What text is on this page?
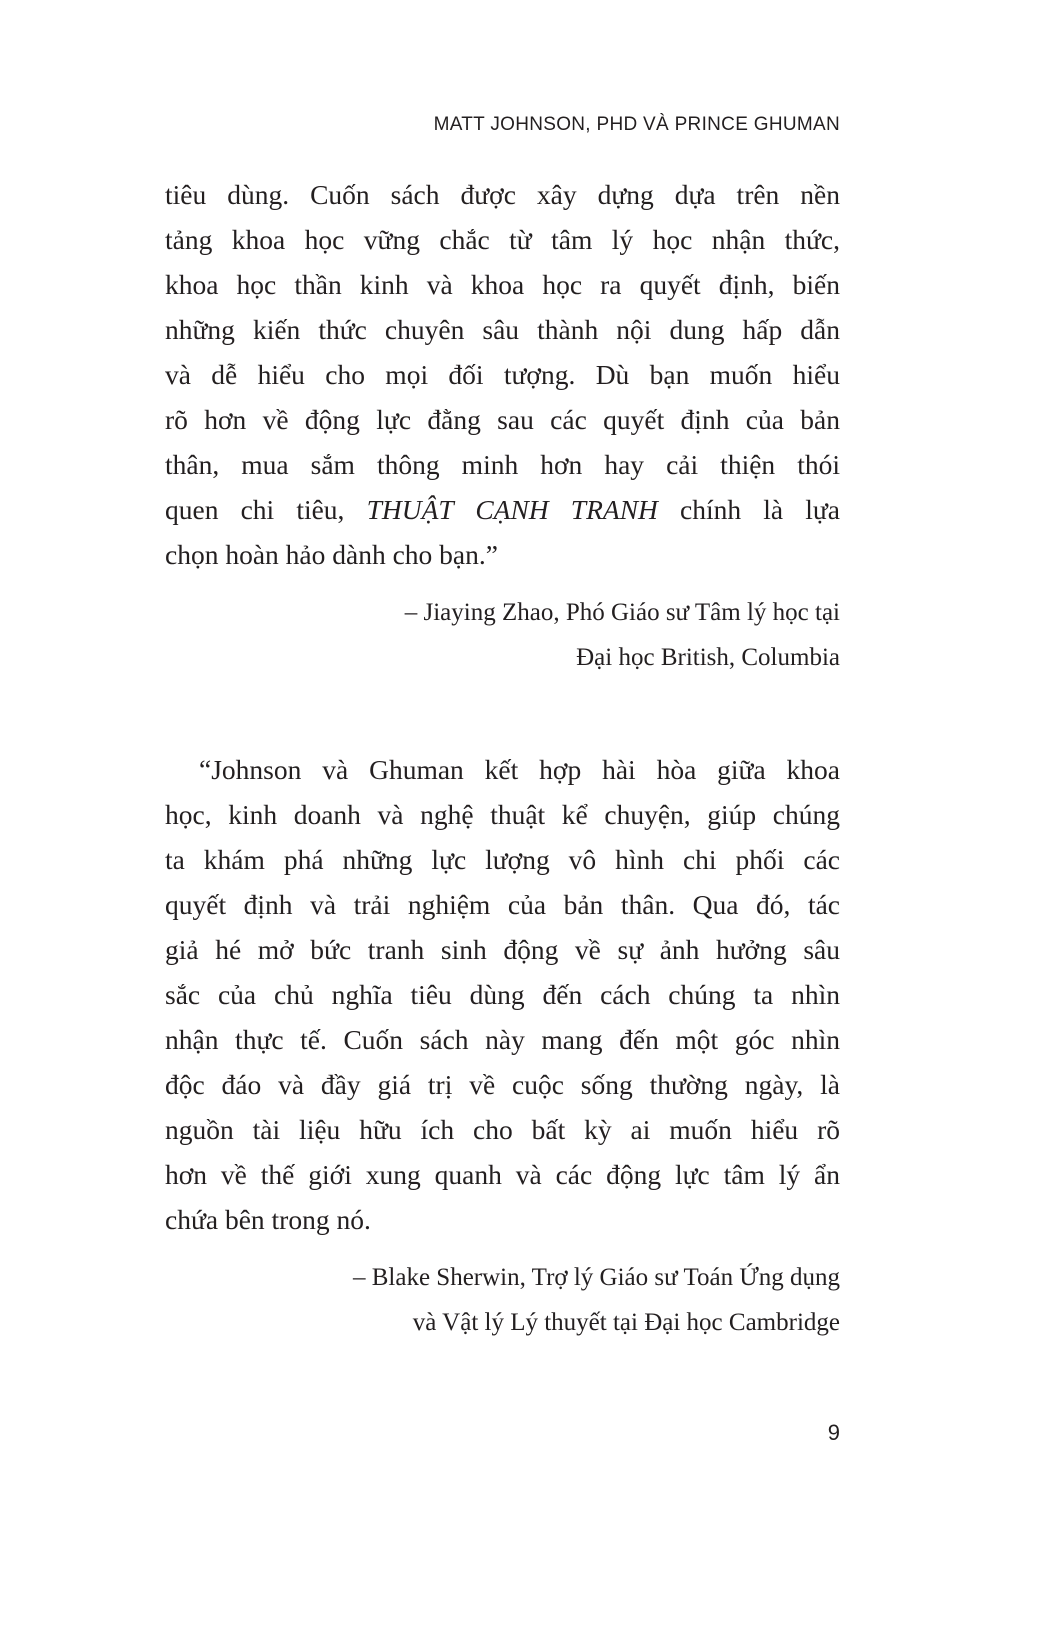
MATT JOHNSON, PHD VÀ PRINCE GHUMAN
tiêu dùng. Cuốn sách được xây dựng dựa trên nền
tảng khoa học vững chắc từ tâm lý học nhận thức,
khoa học thần kinh và khoa học ra quyết định, biến
những kiến thức chuyên sâu thành nội dung hấp dẫn
và dễ hiểu cho mọi đối tượng. Dù bạn muốn hiểu
rõ hơn về động lực đằng sau các quyết định của bản
thân, mua sắm thông minh hơn hay cải thiện thói
quen chi tiêu, THUẬT CẠNH TRANH chính là lựa
chọn hoàn hảo dành cho bạn.”
– Jiaying Zhao, Phó Giáo sư Tâm lý học tại
Đại học British, Columbia
“Johnson và Ghuman kết hợp hài hòa giữa khoa
học, kinh doanh và nghệ thuật kể chuyện, giúp chúng
ta khám phá những lực lượng vô hình chi phối các
quyết định và trải nghiệm của bản thân. Qua đó, tác
giả hé mở bức tranh sinh động về sự ảnh hưởng sâu
sắc của chủ nghĩa tiêu dùng đến cách chúng ta nhìn
nhận thực tế. Cuốn sách này mang đến một góc nhìn
độc đáo và đầy giá trị về cuộc sống thường ngày, là
nguồn tài liệu hữu ích cho bất kỳ ai muốn hiểu rõ
hơn về thế giới xung quanh và các động lực tâm lý ẩn
chứa bên trong nó.
– Blake Sherwin, Trợ lý Giáo sư Toán Ứng dụng
và Vật lý Lý thuyết tại Đại học Cambridge
9
